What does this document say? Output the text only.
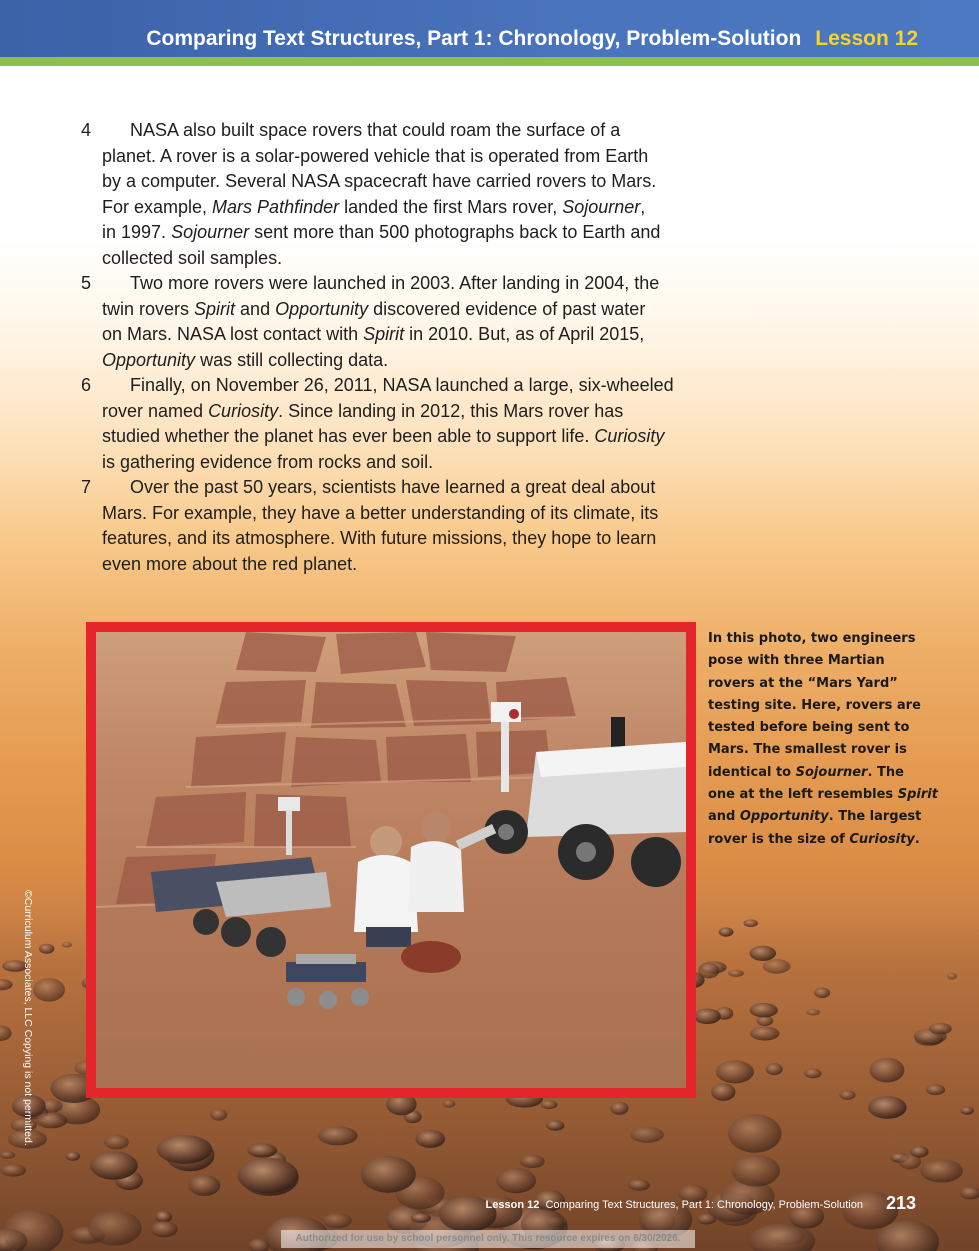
Comparing Text Structures, Part 1: Chronology, Problem-Solution Lesson 12
4	NASA also built space rovers that could roam the surface of a
planet. A rover is a solar-powered vehicle that is operated from Earth
by a computer. Several NASA spacecraft have carried rovers to Mars.
For example, Mars Pathfinder landed the first Mars rover, Sojourner,
in 1997. Sojourner sent more than 500 photographs back to Earth and
collected soil samples.
5	Two more rovers were launched in 2003. After landing in 2004, the
twin rovers Spirit and Opportunity discovered evidence of past water
on Mars. NASA lost contact with Spirit in 2010. But, as of April 2015,
Opportunity was still collecting data.
6	Finally, on November 26, 2011, NASA launched a large, six-wheeled
rover named Curiosity. Since landing in 2012, this Mars rover has
studied whether the planet has ever been able to support life. Curiosity
is gathering evidence from rocks and soil.
7	Over the past 50 years, scientists have learned a great deal about
Mars. For example, they have a better understanding of its climate, its
features, and its atmosphere. With future missions, they hope to learn
even more about the red planet.
In this photo, two engineers
pose with three Martian
rovers at the “Mars Yard”
testing site. Here, rovers are
tested before being sent to
Mars. The smallest rover is
identical to Sojourner. The
one at the left resembles Spirit
and Opportunity. The largest
rover is the size of Curiosity.
©Curriculum Associates, LLC Copying is not permitted.
Lesson 12 Comparing Text Structures, Part 1: Chronology, Problem-Solution 213
Authorized for use by school personnel only. This resource expires on 6/30/2026.
